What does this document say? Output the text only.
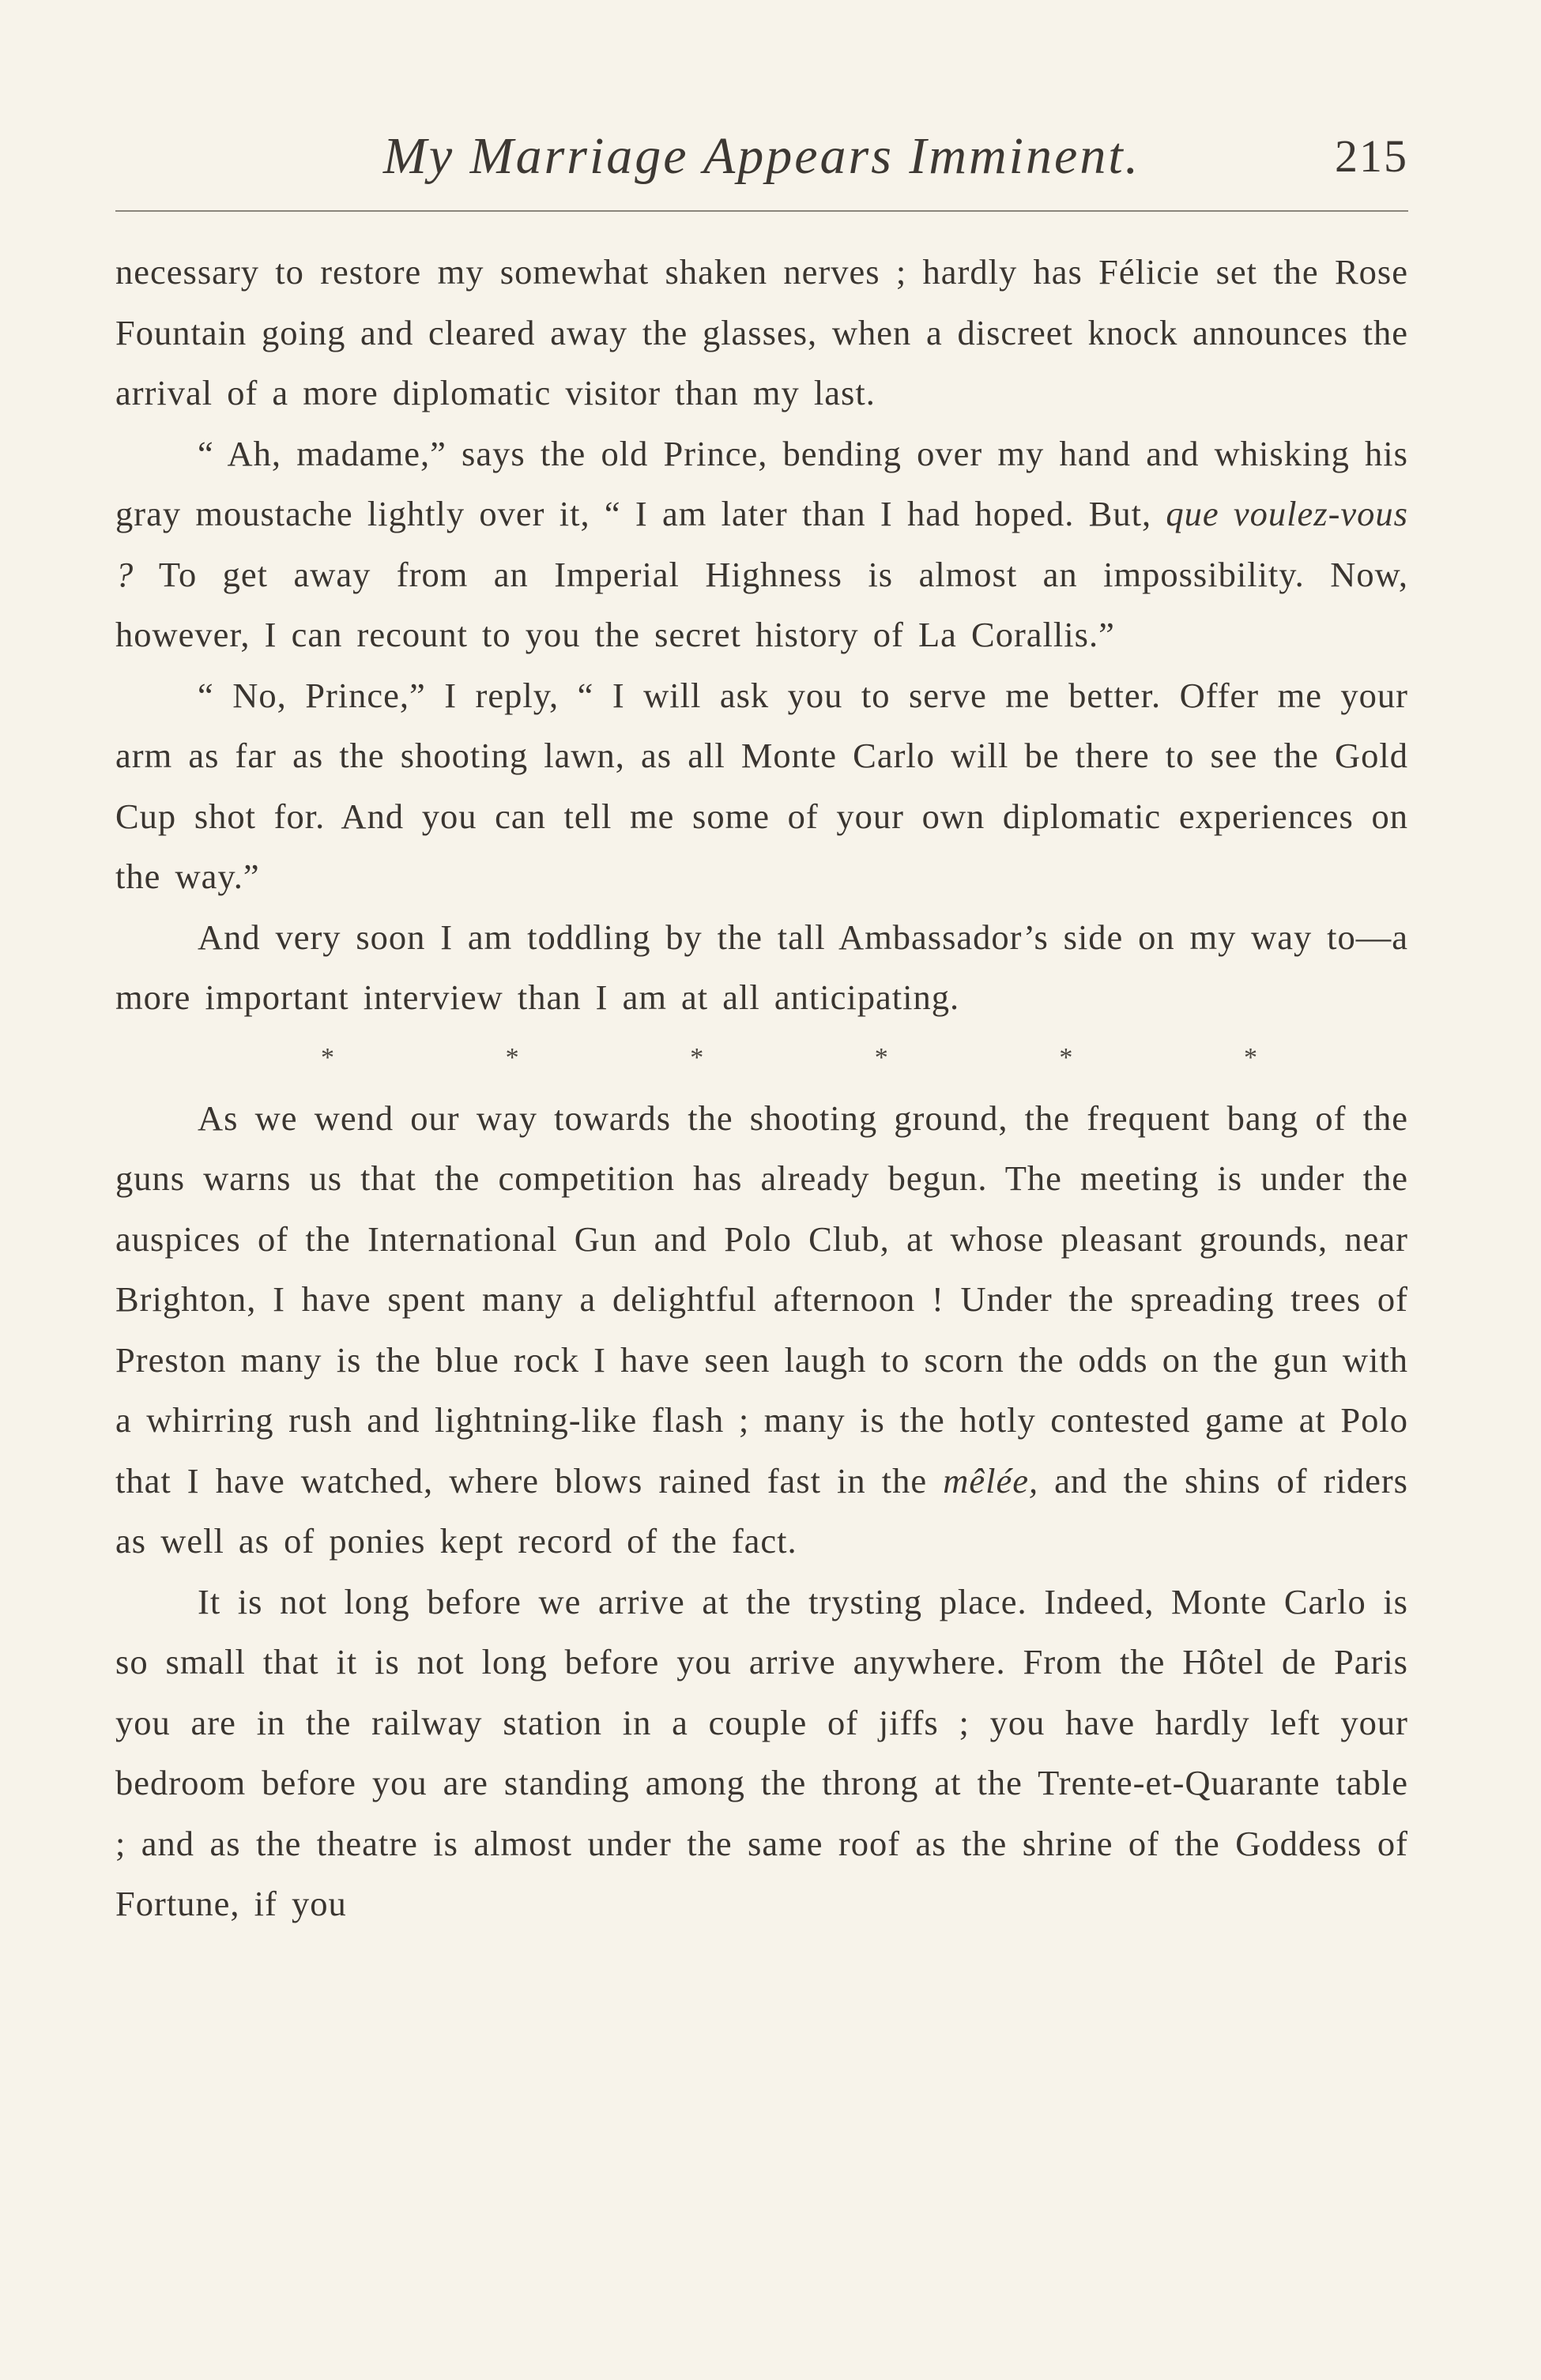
My Marriage Appears Imminent.	215

necessary to restore my somewhat shaken nerves ; hardly has Félicie set the Rose Fountain going and cleared away the glasses, when a discreet knock announces the arrival of a more diplomatic visitor than my last.

“ Ah, madame,” says the old Prince, bending over my hand and whisking his gray moustache lightly over it, “ I am later than I had hoped. But, que voulez-vous ? To get away from an Imperial Highness is almost an impossibility. Now, however, I can recount to you the secret history of La Corallis.”

“ No, Prince,” I reply, “ I will ask you to serve me better. Offer me your arm as far as the shooting lawn, as all Monte Carlo will be there to see the Gold Cup shot for. And you can tell me some of your own diplomatic experiences on the way.”

And very soon I am toddling by the tall Ambassador’s side on my way to—a more important interview than I am at all anticipating.

*	*	*	*	*	*

As we wend our way towards the shooting ground, the frequent bang of the guns warns us that the competition has already begun. The meeting is under the auspices of the International Gun and Polo Club, at whose pleasant grounds, near Brighton, I have spent many a delightful afternoon ! Under the spreading trees of Preston many is the blue rock I have seen laugh to scorn the odds on the gun with a whirring rush and lightning-like flash ; many is the hotly contested game at Polo that I have watched, where blows rained fast in the mêlée, and the shins of riders as well as of ponies kept record of the fact.

It is not long before we arrive at the trysting place. Indeed, Monte Carlo is so small that it is not long before you arrive anywhere. From the Hôtel de Paris you are in the railway station in a couple of jiffs ; you have hardly left your bedroom before you are standing among the throng at the Trente-et-Quarante table ; and as the theatre is almost under the same roof as the shrine of the Goddess of Fortune, if you
